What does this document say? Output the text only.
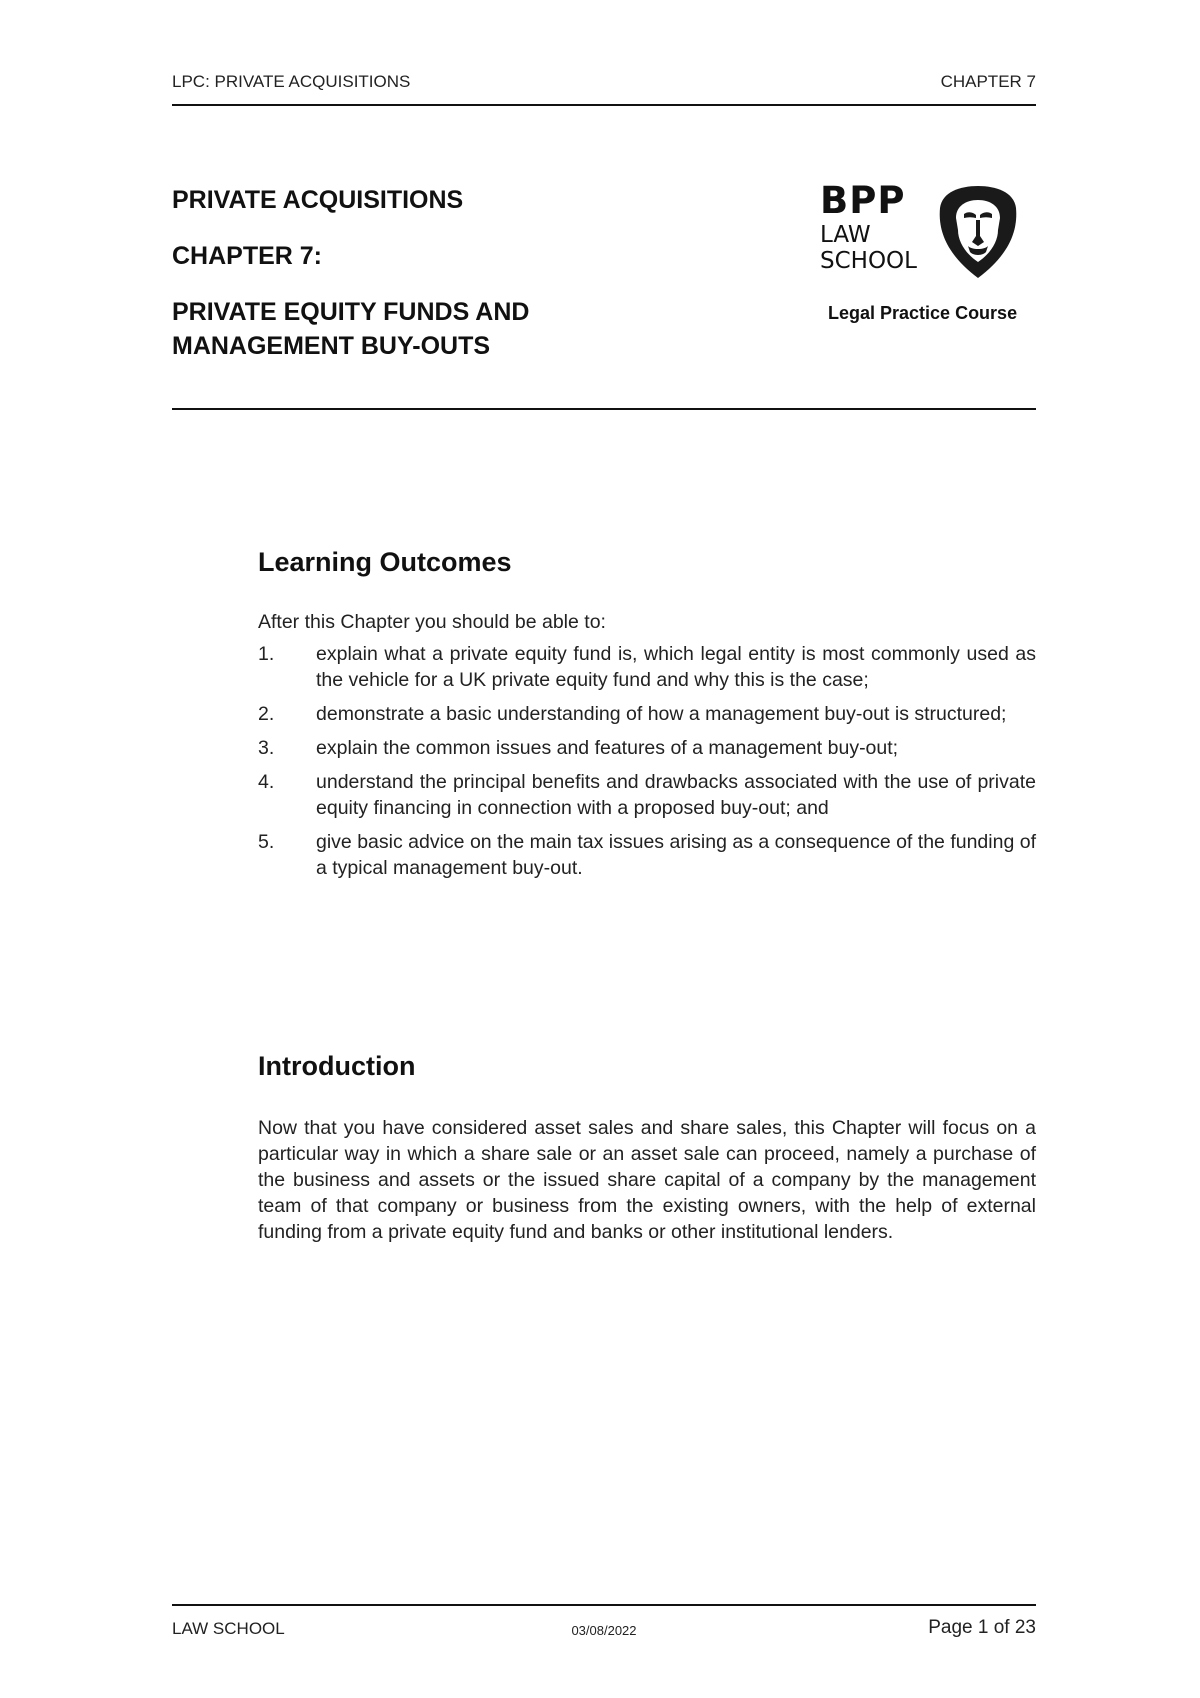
LPC: PRIVATE ACQUISITIONS	CHAPTER 7

PRIVATE ACQUISITIONS

CHAPTER 7:

PRIVATE EQUITY FUNDS AND

MANAGEMENT BUY-OUTS

BPP
LAW
SCHOOL
Legal Practice Course
Learning Outcomes

After this Chapter you should be able to:

1. explain what a private equity fund is, which legal entity is most commonly used as the vehicle for a UK private equity fund and why this is the case;
2. demonstrate a basic understanding of how a management buy-out is structured;
3. explain the common issues and features of a management buy-out;
4. understand the principal benefits and drawbacks associated with the use of private equity financing in connection with a proposed buy-out; and
5. give basic advice on the main tax issues arising as a consequence of the funding of a typical management buy-out.
Introduction

Now that you have considered asset sales and share sales, this Chapter will focus on a particular way in which a share sale or an asset sale can proceed, namely a purchase of the business and assets or the issued share capital of a company by the management team of that company or business from the existing owners, with the help of external funding from a private equity fund and banks or other institutional lenders.

LAW SCHOOL	03/08/2022	Page 1 of 23
